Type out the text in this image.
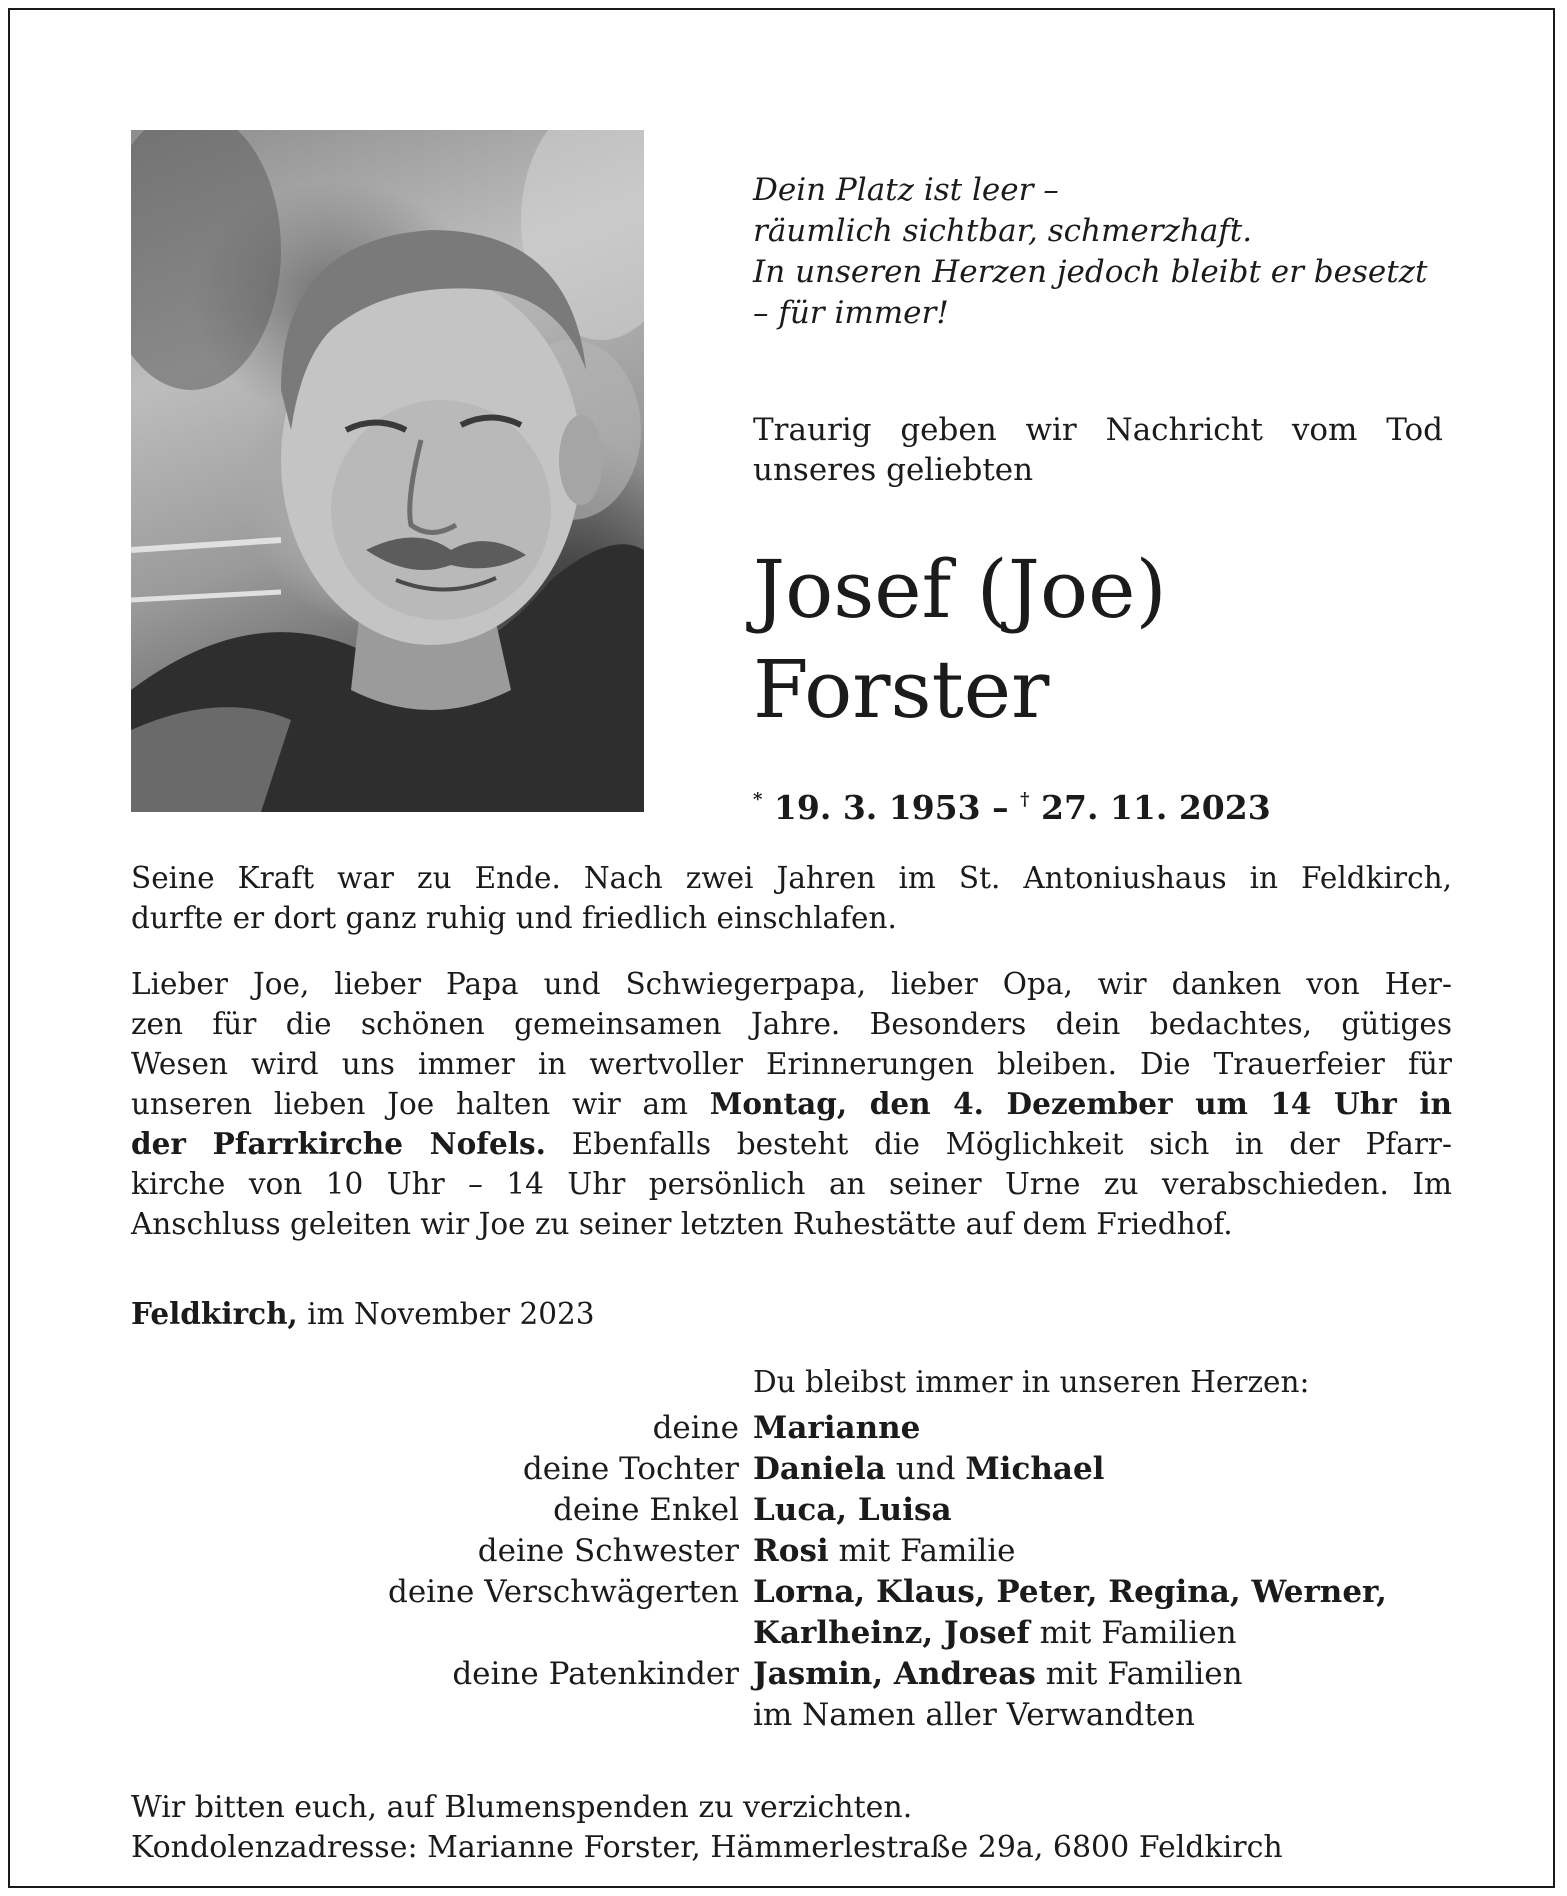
Dein Platz ist leer –
räumlich sichtbar, schmerzhaft.
In unseren Herzen jedoch bleibt er besetzt
– für immer!
Traurig geben wir Nachricht vom Tod
unseres geliebten
Josef (Joe)
Forster
* 19. 3. 1953 – † 27. 11. 2023
Seine Kraft war zu Ende. Nach zwei Jahren im St. Antoniushaus in Feldkirch,
durfte er dort ganz ruhig und friedlich einschlafen.
Lieber Joe, lieber Papa und Schwiegerpapa, lieber Opa, wir danken von Her-
zen für die schönen gemeinsamen Jahre. Besonders dein bedachtes, gütiges
Wesen wird uns immer in wertvoller Erinnerungen bleiben. Die Trauerfeier für
unseren lieben Joe halten wir am Montag, den 4. Dezember um 14 Uhr in
der Pfarrkirche Nofels. Ebenfalls besteht die Möglichkeit sich in der Pfarr-
kirche von 10 Uhr – 14 Uhr persönlich an seiner Urne zu verabschieden. Im
Anschluss geleiten wir Joe zu seiner letzten Ruhestätte auf dem Friedhof.
Feldkirch, im November 2023
Du bleibst immer in unseren Herzen:
deine Marianne
deine Tochter Daniela und Michael
deine Enkel Luca, Luisa
deine Schwester Rosi mit Familie
deine Verschwägerten Lorna, Klaus, Peter, Regina, Werner,
Karlheinz, Josef mit Familien
deine Patenkinder Jasmin, Andreas mit Familien
im Namen aller Verwandten
Wir bitten euch, auf Blumenspenden zu verzichten.
Kondolenzadresse: Marianne Forster, Hämmerlestraße 29a, 6800 Feldkirch
